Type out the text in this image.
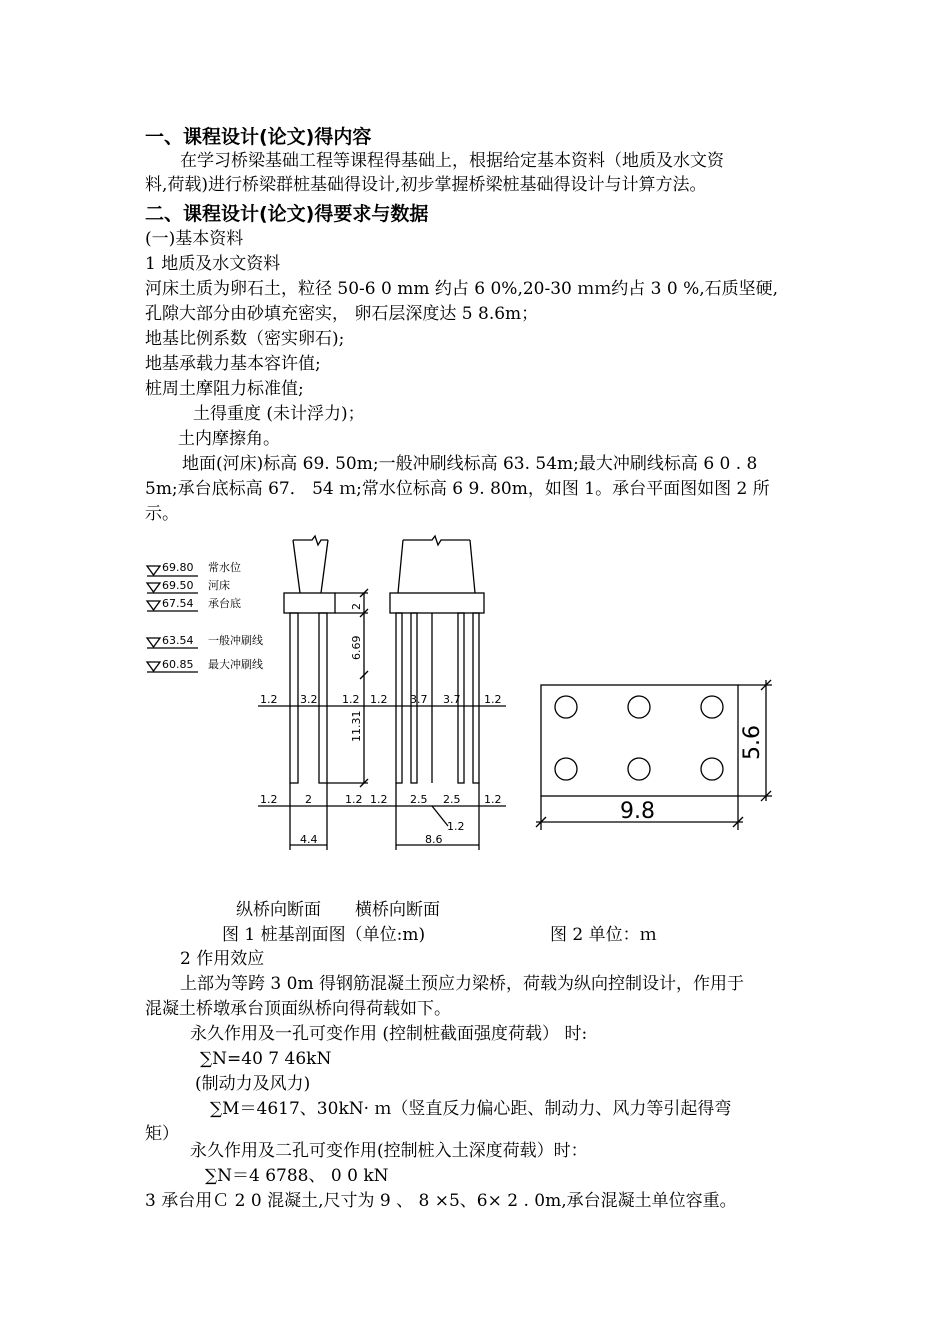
一、课程设计(论文)得内容
在学习桥梁基础工程等课程得基础上，根据给定基本资料（地质及水文资
料,荷载)进行桥梁群桩基础得设计,初步掌握桥梁桩基础得设计与计算方法。
二、课程设计(论文)得要求与数据
(一)基本资料
1 地质及水文资料
河床土质为卵石土，粒径 50-6 0 mm 约占 6 0%,20-30 ｍｍ约占 3 0 %,石质坚硬,
孔隙大部分由砂填充密实， 卵石层深度达 5 8.6m；
地基比例系数（密实卵石);
地基承载力基本容许值;
桩周土摩阻力标准值;
土得重度 (未计浮力)；
土内摩擦角。
地面(河床)标高 69. 50m;一般冲刷线标高 63. 54m;最大冲刷线标高 6 0 . 8
5m;承台底标高 67． 54 ｍ;常水位标高 6 9. 80m，如图 1。承台平面图如图 2 所
示。
69.80 常水位
69.50 河床
67.54 承台底
63.54 一般冲刷线
60.85 最大冲刷线
1.2 3.2 1.2
1.2	2	1.2
4.4
2
6.69
11.31
1.2 3.7 3.7 1.2
1.2 2.5 2.5 1.2
1.2
8.6
9.8
5.6
纵桥向断面 横桥向断面
图 1 桩基剖面图（单位:m)	图 2 单位：ｍ
2 作用效应
上部为等跨 3 0m 得钢筋混凝土预应力梁桥，荷载为纵向控制设计，作用于
混凝土桥墩承台顶面纵桥向得荷载如下。
永久作用及一孔可变作用 (控制桩截面强度荷载） 时:
∑N=40 7 46kN
(制动力及风力)
∑M＝4617、30kN· ｍ（竖直反力偏心距、制动力、风力等引起得弯
矩）
永久作用及二孔可变作用(控制桩入土深度荷载）时：
∑N＝4 6788、 0 0 kN
3 承台用Ｃ 2 0 混凝土,尺寸为 9 、 8 ×5、6× 2 . 0m,承台混凝土单位容重。
